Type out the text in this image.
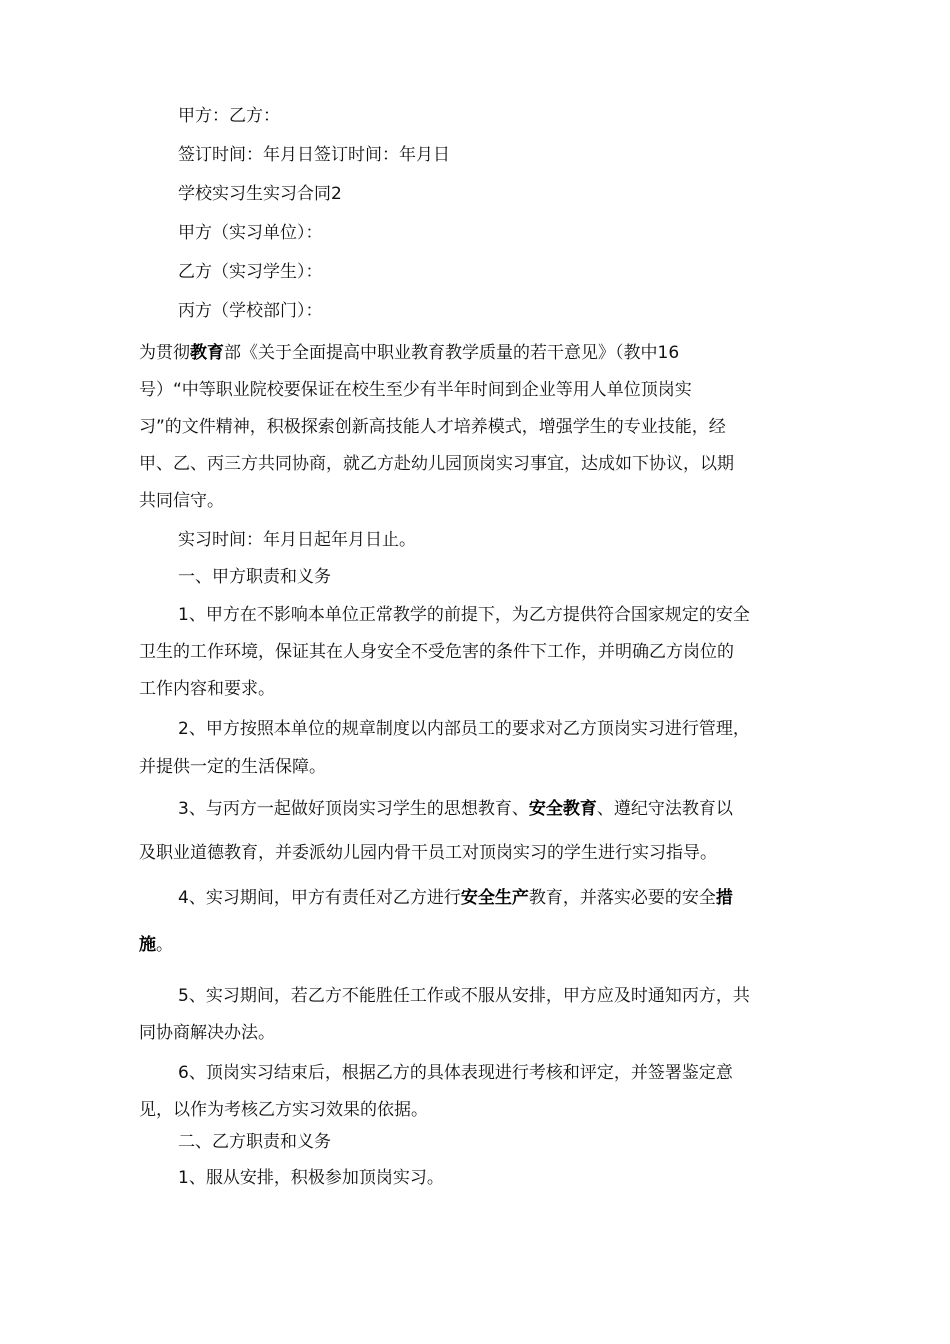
甲方：乙方：
签订时间：年月日签订时间：年月日
学校实习生实习合同2
甲方（实习单位）：
乙方（实习学生）：
丙方（学校部门）：
为贯彻教育部《关于全面提高中职业教育教学质量的若干意见》（教中16
号）“中等职业院校要保证在校生至少有半年时间到企业等用人单位顶岗实
习”的文件精神，积极探索创新高技能人才培养模式，增强学生的专业技能，经
甲、乙、丙三方共同协商，就乙方赴幼儿园顶岗实习事宜，达成如下协议，以期
共同信守。
实习时间：年月日起年月日止。
一、甲方职责和义务
1、甲方在不影响本单位正常教学的前提下，为乙方提供符合国家规定的安全
卫生的工作环境，保证其在人身安全不受危害的条件下工作，并明确乙方岗位的
工作内容和要求。
2、甲方按照本单位的规章制度以内部员工的要求对乙方顶岗实习进行管理，
并提供一定的生活保障。
3、与丙方一起做好顶岗实习学生的思想教育、安全教育、遵纪守法教育以
及职业道德教育，并委派幼儿园内骨干员工对顶岗实习的学生进行实习指导。
4、实习期间，甲方有责任对乙方进行安全生产教育，并落实必要的安全措
施。
5、实习期间，若乙方不能胜任工作或不服从安排，甲方应及时通知丙方，共
同协商解决办法。
6、顶岗实习结束后，根据乙方的具体表现进行考核和评定，并签署鉴定意
见，以作为考核乙方实习效果的依据。
二、乙方职责和义务
1、服从安排，积极参加顶岗实习。
